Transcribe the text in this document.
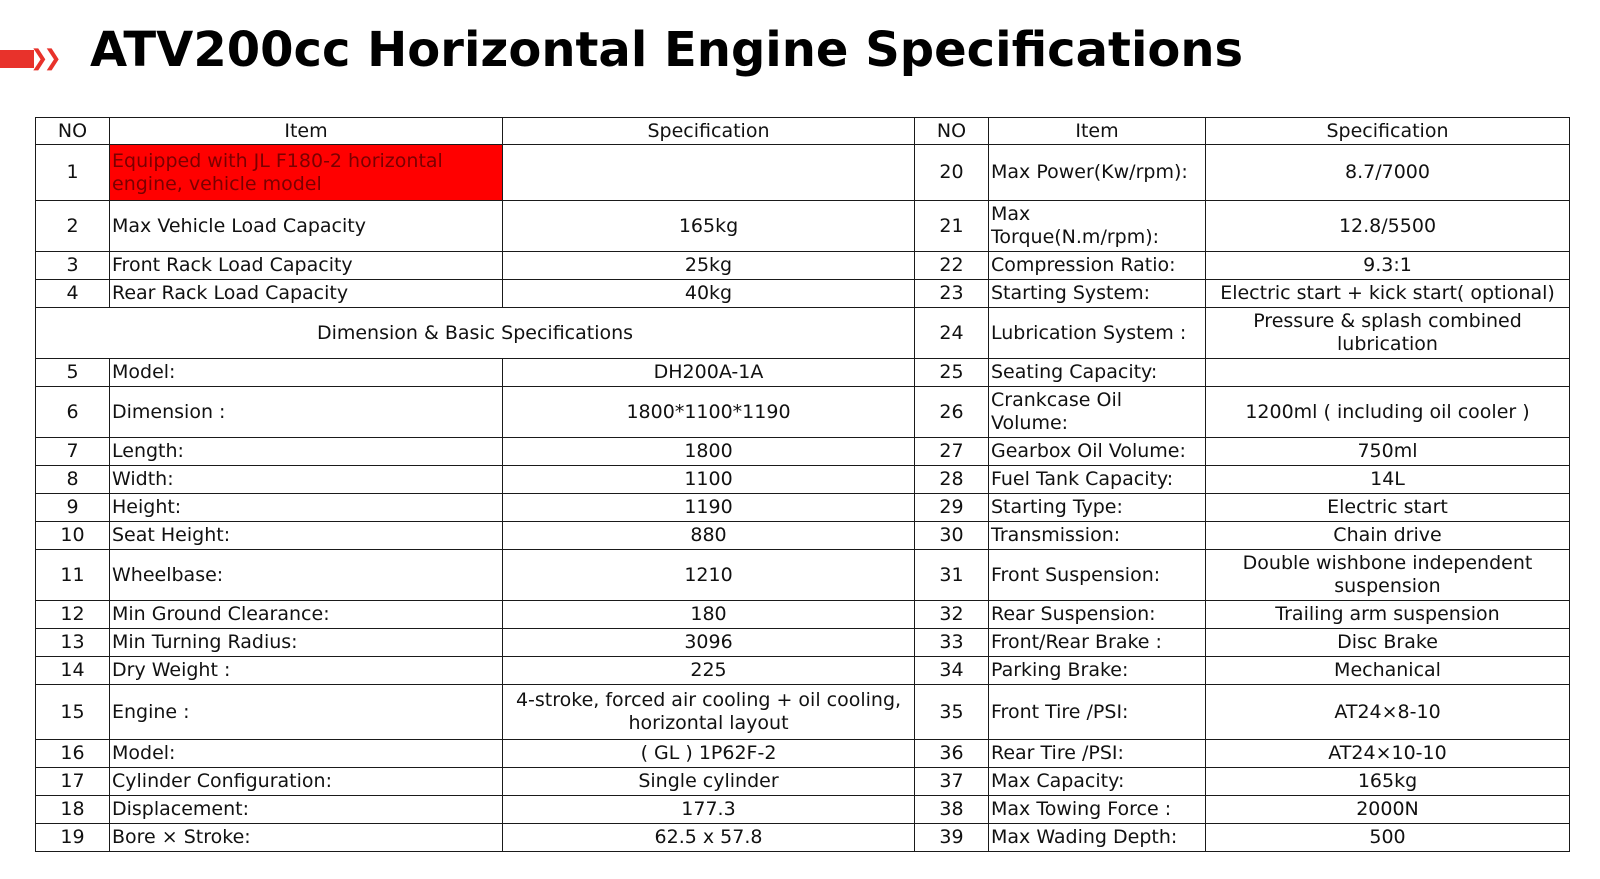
❯❯ ATV200cc Horizontal Engine Specifications
NO	Item	Specification	NO	Item	Specification
1	Equipped with JL F180-2 horizontal engine, vehicle model		20	Max Power(Kw/rpm):	8.7/7000
2	Max Vehicle Load Capacity	165kg	21	Max Torque(N.m/rpm):	12.8/5500
3	Front Rack Load Capacity	25kg	22	Compression Ratio:	9.3:1
4	Rear Rack Load Capacity	40kg	23	Starting System:	Electric start + kick start( optional)
Dimension & Basic Specifications			24	Lubrication System :	Pressure & splash combined lubrication
5	Model:	DH200A-1A	25	Seating Capacity:	
6	Dimension :	1800*1100*1190	26	Crankcase Oil Volume:	1200ml ( including oil cooler )
7	Length:	1800	27	Gearbox Oil Volume:	750ml
8	Width:	1100	28	Fuel Tank Capacity:	14L
9	Height:	1190	29	Starting Type:	Electric start
10	Seat Height:	880	30	Transmission:	Chain drive
11	Wheelbase:	1210	31	Front Suspension:	Double wishbone independent suspension
12	Min Ground Clearance:	180	32	Rear Suspension:	Trailing arm suspension
13	Min Turning Radius:	3096	33	Front/Rear Brake :	Disc Brake
14	Dry Weight :	225	34	Parking Brake:	Mechanical
15	Engine :	4-stroke, forced air cooling + oil cooling, horizontal layout	35	Front Tire /PSI:	AT24×8-10
16	Model:	( GL ) 1P62F-2	36	Rear Tire /PSI:	AT24×10-10
17	Cylinder Configuration:	Single cylinder	37	Max Capacity:	165kg
18	Displacement:	177.3	38	Max Towing Force :	2000N
19	Bore × Stroke:	62.5 x 57.8	39	Max Wading Depth:	500
